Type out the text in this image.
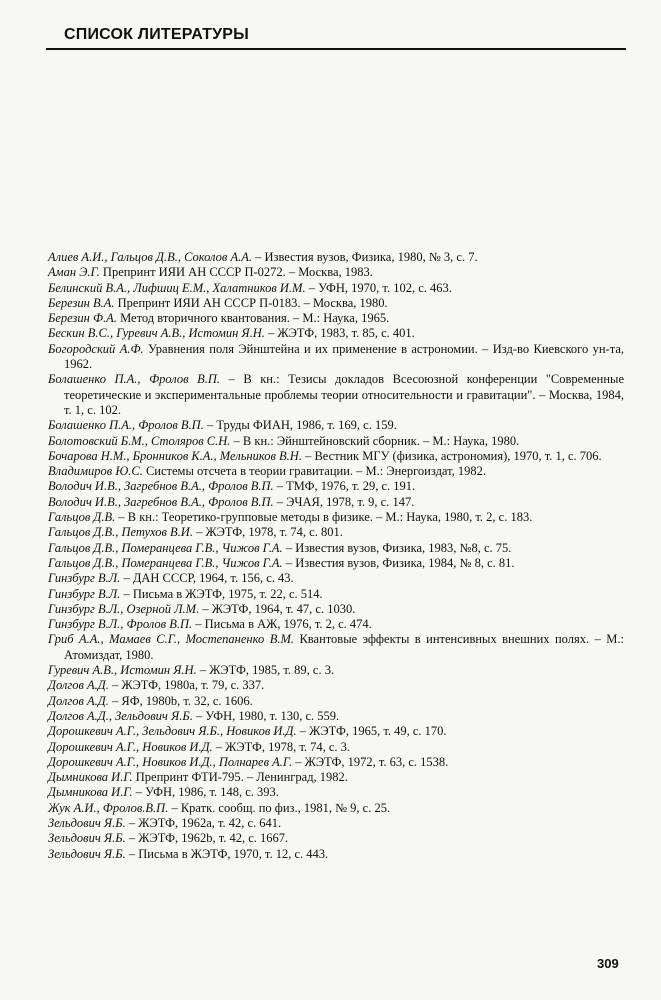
СПИСОК ЛИТЕРАТУРЫ
Алиев А.И., Гальцов Д.В., Соколов А.А. – Известия вузов, Физика, 1980, № 3, с. 7.
Аман Э.Г. Препринт ИЯИ АН СССР П-0272. – Москва, 1983.
Белинский В.А., Лифшиц Е.М., Халатников И.М. – УФН, 1970, т. 102, с. 463.
Березин В.А. Препринт ИЯИ АН СССР П-0183. – Москва, 1980.
Березин Ф.А. Метод вторичного квантования. – М.: Наука, 1965.
Бескин В.С., Гуревич А.В., Истомин Я.Н. – ЖЭТФ, 1983, т. 85, с. 401.
Богородский А.Ф. Уравнения поля Эйнштейна и их применение в астрономии. – Изд-во Киевского ун-та, 1962.
Болашенко П.А., Фролов В.П. – В кн.: Тезисы докладов Всесоюзной конференции "Современные теоретические и экспериментальные проблемы теории относительности и гравитации". – Москва, 1984, т. 1, с. 102.
Болашенко П.А., Фролов В.П. – Труды ФИАН, 1986, т. 169, с. 159.
Болотовский Б.М., Столяров С.Н. – В кн.: Эйнштейновский сборник. – М.: Наука, 1980.
Бочарова Н.М., Бронников К.А., Мельников В.Н. – Вестник МГУ (физика, астрономия), 1970, т. 1, с. 706.
Владимиров Ю.С. Системы отсчета в теории гравитации. – М.: Энергоиздат, 1982.
Володич И.В., Загребнов В.А., Фролов В.П. – ТМФ, 1976, т. 29, с. 191.
Володич И.В., Загребнов В.А., Фролов В.П. – ЭЧАЯ, 1978, т. 9, с. 147.
Гальцов Д.В. – В кн.: Теоретико-групповые методы в физике. – М.: Наука, 1980, т. 2, с. 183.
Гальцов Д.В., Петухов В.И. – ЖЭТФ, 1978, т. 74, с. 801.
Гальцов Д.В., Померанцева Г.В., Чижов Г.А. – Известия вузов, Физика, 1983, №8, с. 75.
Гальцов Д.В., Померанцева Г.В., Чижов Г.А. – Известия вузов, Физика, 1984, № 8, с. 81.
Гинзбург В.Л. – ДАН СССР, 1964, т. 156, с. 43.
Гинзбург В.Л. – Письма в ЖЭТФ, 1975, т. 22, с. 514.
Гинзбург В.Л., Озерной Л.М. – ЖЭТФ, 1964, т. 47, с. 1030.
Гинзбург В.Л., Фролов В.П. – Письма в АЖ, 1976, т. 2, с. 474.
Гриб А.А., Мамаев С.Г., Мостепаненко В.М. Квантовые эффекты в интенсивных внешних полях. – М.: Атомиздат, 1980.
Гуревич А.В., Истомин Я.Н. – ЖЭТФ, 1985, т. 89, с. 3.
Долгов А.Д. – ЖЭТФ, 1980a, т. 79, с. 337.
Долгов А.Д. – ЯФ, 1980b, т. 32, с. 1606.
Долгов А.Д., Зельдович Я.Б. – УФН, 1980, т. 130, с. 559.
Дорошкевич А.Г., Зельдович Я.Б., Новиков И.Д. – ЖЭТФ, 1965, т. 49, с. 170.
Дорошкевич А.Г., Новиков И.Д. – ЖЭТФ, 1978, т. 74, с. 3.
Дорошкевич А.Г., Новиков И.Д., Полнарев А.Г. – ЖЭТФ, 1972, т. 63, с. 1538.
Дымникова И.Г. Препринт ФТИ-795. – Ленинград, 1982.
Дымникова И.Г. – УФН, 1986, т. 148, с. 393.
Жук А.И., Фролов.В.П. – Кратк. сообщ. по физ., 1981, № 9, с. 25.
Зельдович Я.Б. – ЖЭТФ, 1962a, т. 42, с. 641.
Зельдович Я.Б. – ЖЭТФ, 1962b, т. 42, с. 1667.
Зельдович Я.Б. – Письма в ЖЭТФ, 1970, т. 12, с. 443.
309
